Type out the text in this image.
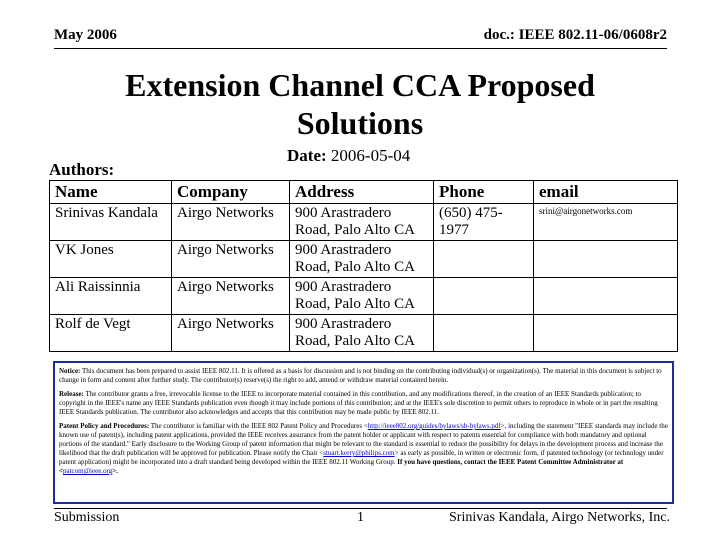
May 2006	doc.: IEEE 802.11-06/0608r2
Extension Channel CCA Proposed Solutions
Date: 2006-05-04
Authors:
Name	Company	Address	Phone	email
Srinivas Kandala	Airgo Networks	900 Arastradero Road, Palo Alto CA	(650) 475-1977	srini@airgonetworks.com
VK Jones	Airgo Networks	900 Arastradero Road, Palo Alto CA		
Ali Raissinnia	Airgo Networks	900 Arastradero Road, Palo Alto CA		
Rolf de Vegt	Airgo Networks	900 Arastradero Road, Palo Alto CA		

Notice: This document has been prepared to assist IEEE 802.11. It is offered as a basis for discussion and is not binding on the contributing individual(s) or organization(s). The material in this document is subject to change in form and content after further study. The contributor(s) reserve(s) the right to add, amend or withdraw material contained herein.

Release: The contributor grants a free, irrevocable license to the IEEE to incorporate material contained in this contribution, and any modifications thereof, in the creation of an IEEE Standards publication; to copyright in the IEEE's name any IEEE Standards publication even though it may include portions of this contribution; and at the IEEE's sole discretion to permit others to reproduce in whole or in part the resulting IEEE Standards publication. The contributor also acknowledges and accepts that this contribution may be made public by IEEE 802.11.

Patent Policy and Procedures: The contributor is familiar with the IEEE 802 Patent Policy and Procedures <http://ieee802.org/guides/bylaws/sb-bylaws.pdf>, including the statement "IEEE standards may include the known use of patent(s), including patent applications, provided the IEEE receives assurance from the patent holder or applicant with respect to patents essential for compliance with both mandatory and optional portions of the standard." Early disclosure to the Working Group of patent information that might be relevant to the standard is essential to reduce the possibility for delays in the development process and increase the likelihood that the draft publication will be approved for publication. Please notify the Chair <stuart.kerry@philips.com> as early as possible, in written or electronic form, if patented technology (or technology under patent application) might be incorporated into a draft standard being developed within the IEEE 802.11 Working Group. If you have questions, contact the IEEE Patent Committee Administrator at <patcom@ieee.org>.

Submission	1	Srinivas Kandala, Airgo Networks, Inc.
